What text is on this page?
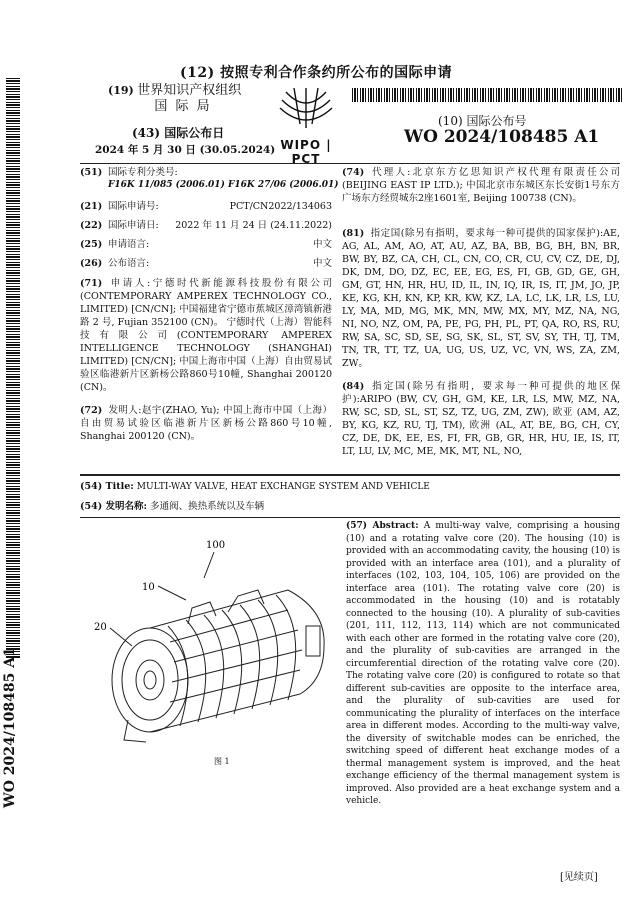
(12) 按照专利合作条约所公布的国际申请
(19) 世界知识产权组织
国 际 局
(43) 国际公布日
2024 年 5 月 30 日 (30.05.2024) WIPO | PCT
(10) 国际公布号
WO 2024/108485 A1
(51) 国际专利分类号:
F16K 11/085 (2006.01) F16K 27/06 (2006.01)
(21) 国际申请号:	PCT/CN2022/134063
(22) 国际申请日: 2022 年 11 月 24 日 (24.11.2022)
(25) 申请语言:	中文
(26) 公布语言:	中文
(71) 申请人:宁德时代新能源科技股份有限公司 (CONTEMPORARY AMPEREX TECHNOLOGY CO., LIMITED) [CN/CN]; 中国福建省宁德市蕉城区漳湾镇新港路 2 号, Fujian 352100 (CN)。 宁德时代（上海）智能科技有限公司(CONTEMPORARY AMPEREX INTELLIGENCE TECHNOLOGY (SHANGHAI) LIMITED) [CN/CN]; 中国上海市中国（上海）自由贸易试验区临港新片区新杨公路860号10幢, Shanghai 200120 (CN)。
(72) 发明人:赵宇(ZHAO, Yu); 中国上海市中国（上海）自由贸易试验区临港新片区新杨公路860号10幢, Shanghai 200120 (CN)。
(74) 代理人:北京东方亿思知识产权代理有限责任公司 (BEIJING EAST IP LTD.); 中国北京市东城区东长安街1号东方广场东方经贸城东2座1601室, Beijing 100738 (CN)。
(81) 指定国(除另有指明，要求每一种可提供的国家保护):AE, AG, AL, AM, AO, AT, AU, AZ, BA, BB, BG, BH, BN, BR, BW, BY, BZ, CA, CH, CL, CN, CO, CR, CU, CV, CZ, DE, DJ, DK, DM, DO, DZ, EC, EE, EG, ES, FI, GB, GD, GE, GH, GM, GT, HN, HR, HU, ID, IL, IN, IQ, IR, IS, IT, JM, JO, JP, KE, KG, KH, KN, KP, KR, KW, KZ, LA, LC, LK, LR, LS, LU, LY, MA, MD, MG, MK, MN, MW, MX, MY, MZ, NA, NG, NI, NO, NZ, OM, PA, PE, PG, PH, PL, PT, QA, RO, RS, RU, RW, SA, SC, SD, SE, SG, SK, SL, ST, SV, SY, TH, TJ, TM, TN, TR, TT, TZ, UA, UG, US, UZ, VC, VN, WS, ZA, ZM, ZW。
(84) 指定国(除另有指明，要求每一种可提供的地区保护):ARIPO (BW, CV, GH, GM, KE, LR, LS, MW, MZ, NA, RW, SC, SD, SL, ST, SZ, TZ, UG, ZM, ZW), 欧亚 (AM, AZ, BY, KG, KZ, RU, TJ, TM), 欧洲 (AL, AT, BE, BG, CH, CY, CZ, DE, DK, EE, ES, FI, FR, GB, GR, HR, HU, IE, IS, IT, LT, LU, LV, MC, ME, MK, MT, NL, NO,
(54) Title: MULTI-WAY VALVE, HEAT EXCHANGE SYSTEM AND VEHICLE
(54) 发明名称: 多通阀、换热系统以及车辆
100
10
20
图 1
(57) Abstract: A multi-way valve, comprising a housing (10) and a rotating valve core (20). The housing (10) is provided with an accommodating cavity, the housing (10) is provided with an interface area (101), and a plurality of interfaces (102, 103, 104, 105, 106) are provided on the interface area (101). The rotating valve core (20) is accommodated in the housing (10) and is rotatably connected to the housing (10). A plurality of sub-cavities (201, 111, 112, 113, 114) which are not communicated with each other are formed in the rotating valve core (20), and the plurality of sub-cavities are arranged in the circumferential direction of the rotating valve core (20). The rotating valve core (20) is configured to rotate so that different sub-cavities are opposite to the interface area, and the plurality of sub-cavities are used for communicating the plurality of interfaces on the interface area in different modes. According to the multi-way valve, the diversity of switchable modes can be enriched, the switching speed of different heat exchange modes of a thermal management system is improved, and the heat exchange efficiency of the thermal management system is improved. Also provided are a heat exchange system and a vehicle.
WO 2024/108485 A1
[见续页]
